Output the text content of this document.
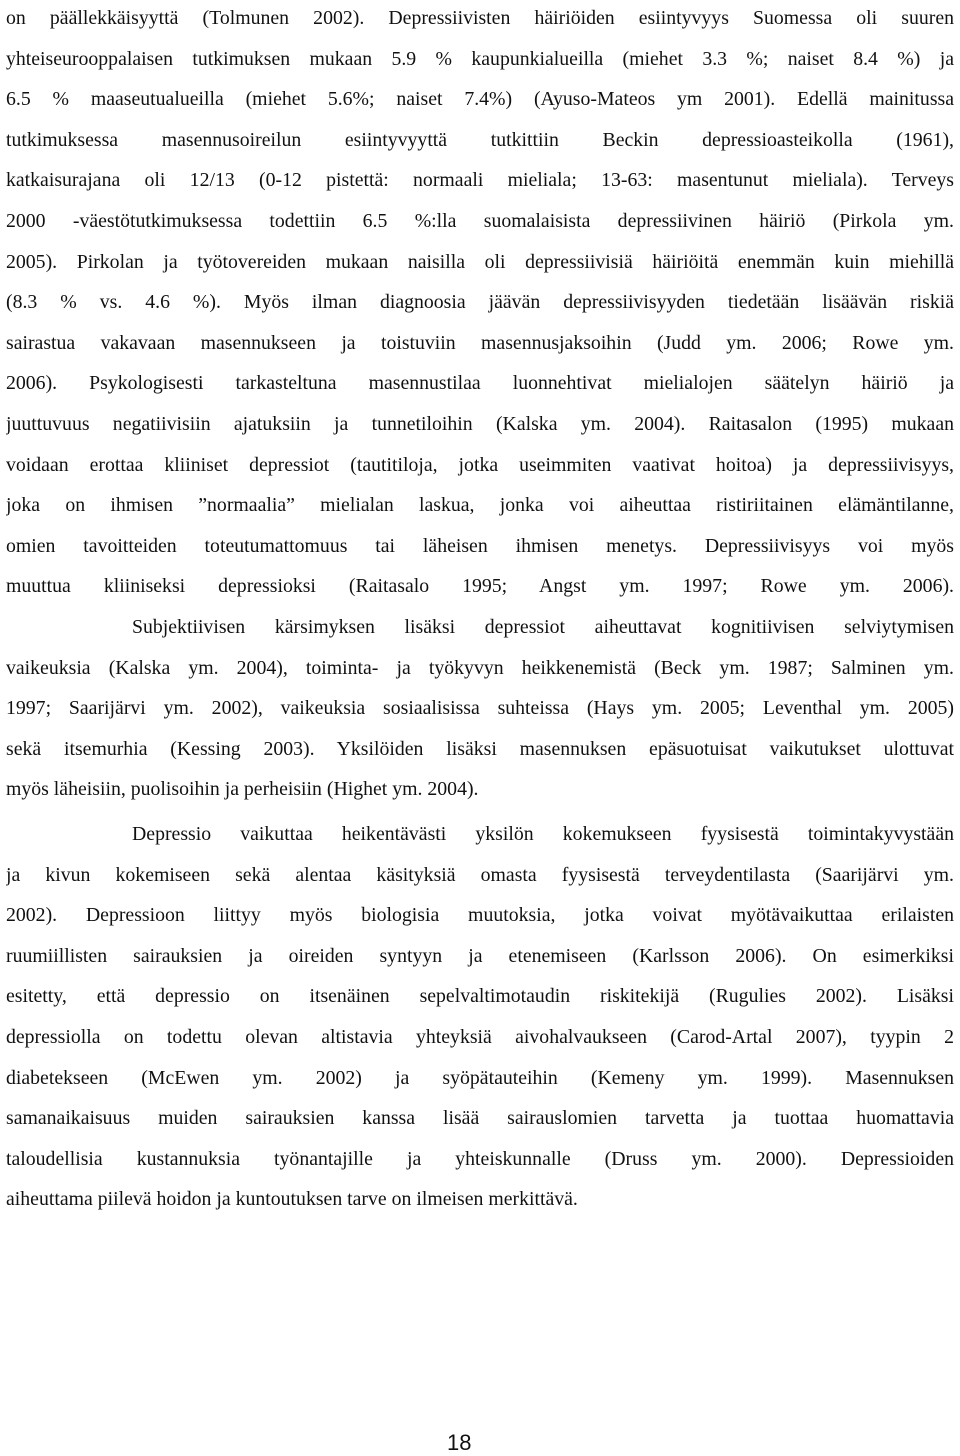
on päällekkäisyyttä (Tolmunen 2002). Depressiivisten häiriöiden esiintyvyys Suomessa oli suuren

yhteiseurooppalaisen tutkimuksen mukaan 5.9 % kaupunkialueilla (miehet 3.3 %; naiset 8.4 %) ja

6.5 % maaseutualueilla (miehet 5.6%; naiset 7.4%) (Ayuso-Mateos ym 2001). Edellä mainitussa

tutkimuksessa masennusoireilun esiintyvyyttä tutkittiin Beckin depressioasteikolla (1961),

katkaisurajana oli 12/13 (0-12 pistettä: normaali mieliala; 13-63: masentunut mieliala). Terveys

2000 -väestötutkimuksessa todettiin 6.5 %:lla suomalaisista depressiivinen häiriö (Pirkola ym.

2005). Pirkolan ja työtovereiden mukaan naisilla oli depressiivisiä häiriöitä enemmän kuin miehillä

(8.3 % vs. 4.6 %). Myös ilman diagnoosia jäävän depressiivisyyden tiedetään lisäävän riskiä

sairastua vakavaan masennukseen ja toistuviin masennusjaksoihin (Judd ym. 2006; Rowe ym.

2006). Psykologisesti tarkasteltuna masennustilaa luonnehtivat mielialojen säätelyn häiriö ja

juuttuvuus negatiivisiin ajatuksiin ja tunnetiloihin (Kalska ym. 2004). Raitasalon (1995) mukaan

voidaan erottaa kliiniset depressiot (tautitiloja, jotka useimmiten vaativat hoitoa) ja depressiivisyys,

joka on ihmisen ”normaalia” mielialan laskua, jonka voi aiheuttaa ristiriitainen elämäntilanne,

omien tavoitteiden toteutumattomuus tai läheisen ihmisen menetys. Depressiivisyys voi myös

muuttua kliiniseksi depressioksi (Raitasalo 1995; Angst ym. 1997; Rowe ym. 2006).

Subjektiivisen kärsimyksen lisäksi depressiot aiheuttavat kognitiivisen selviytymisen

vaikeuksia (Kalska ym. 2004), toiminta- ja työkyvyn heikkenemistä (Beck ym. 1987; Salminen ym.

1997; Saarijärvi ym. 2002), vaikeuksia sosiaalisissa suhteissa (Hays ym. 2005; Leventhal ym. 2005)

sekä itsemurhia (Kessing 2003). Yksilöiden lisäksi masennuksen epäsuotuisat vaikutukset ulottuvat

myös läheisiin, puolisoihin ja perheisiin (Highet ym. 2004).

Depressio vaikuttaa heikentävästi yksilön kokemukseen fyysisestä toimintakyvystään

ja kivun kokemiseen sekä alentaa käsityksiä omasta fyysisestä terveydentilasta (Saarijärvi ym.

2002). Depressioon liittyy myös biologisia muutoksia, jotka voivat myötävaikuttaa erilaisten

ruumiillisten sairauksien ja oireiden syntyyn ja etenemiseen (Karlsson 2006). On esimerkiksi

esitetty, että depressio on itsenäinen sepelvaltimotaudin riskitekijä (Rugulies 2002). Lisäksi

depressiolla on todettu olevan altistavia yhteyksiä aivohalvaukseen (Carod-Artal 2007), tyypin 2

diabetekseen (McEwen ym. 2002) ja syöpätauteihin (Kemeny ym. 1999). Masennuksen

samanaikaisuus muiden sairauksien kanssa lisää sairauslomien tarvetta ja tuottaa huomattavia

taloudellisia kustannuksia työnantajille ja yhteiskunnalle (Druss ym. 2000). Depressioiden

aiheuttama piilevä hoidon ja kuntoutuksen tarve on ilmeisen merkittävä.

18
